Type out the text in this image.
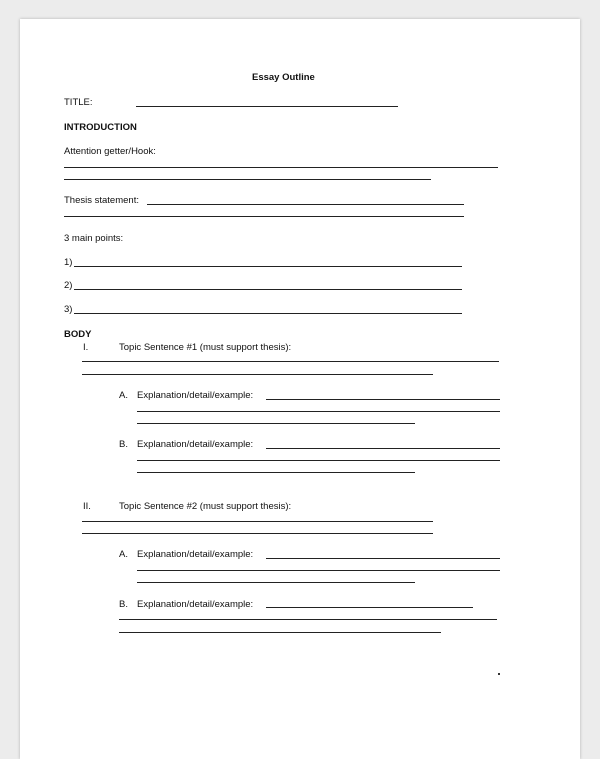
Essay Outline
TITLE:
INTRODUCTION
Attention getter/Hook:
Thesis statement:
3 main points:
1)
2)
3)
BODY
I.	Topic Sentence #1 (must support thesis):
A. Explanation/detail/example:
B. Explanation/detail/example:
II.	Topic Sentence #2 (must support thesis):
A. Explanation/detail/example:
B. Explanation/detail/example:
